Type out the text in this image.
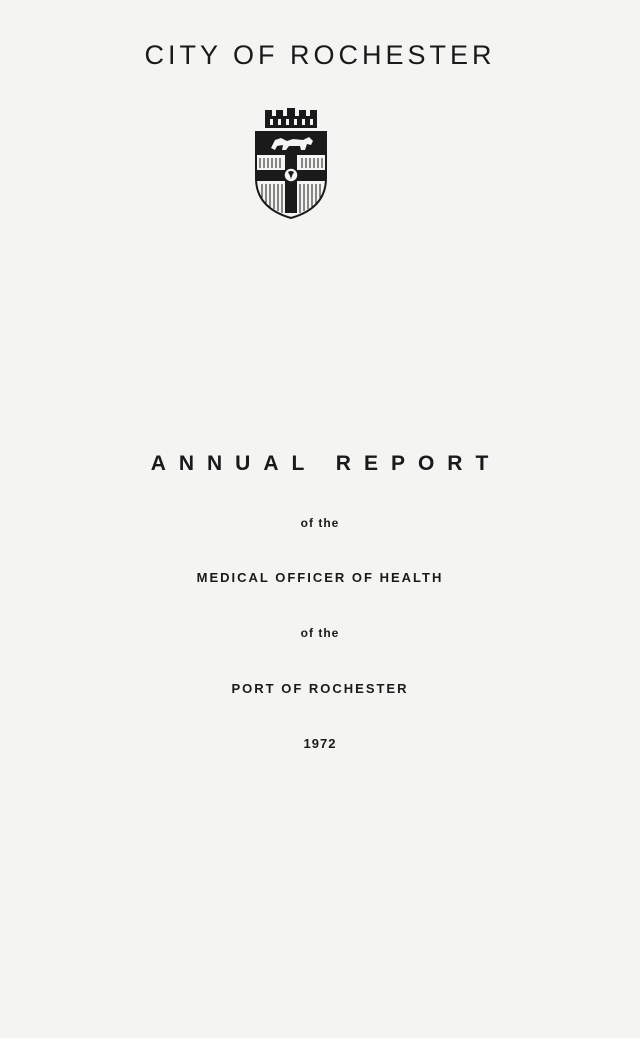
CITY OF ROCHESTER
ANNUAL REPORT
of the
MEDICAL OFFICER OF HEALTH
of the
PORT OF ROCHESTER
1972
